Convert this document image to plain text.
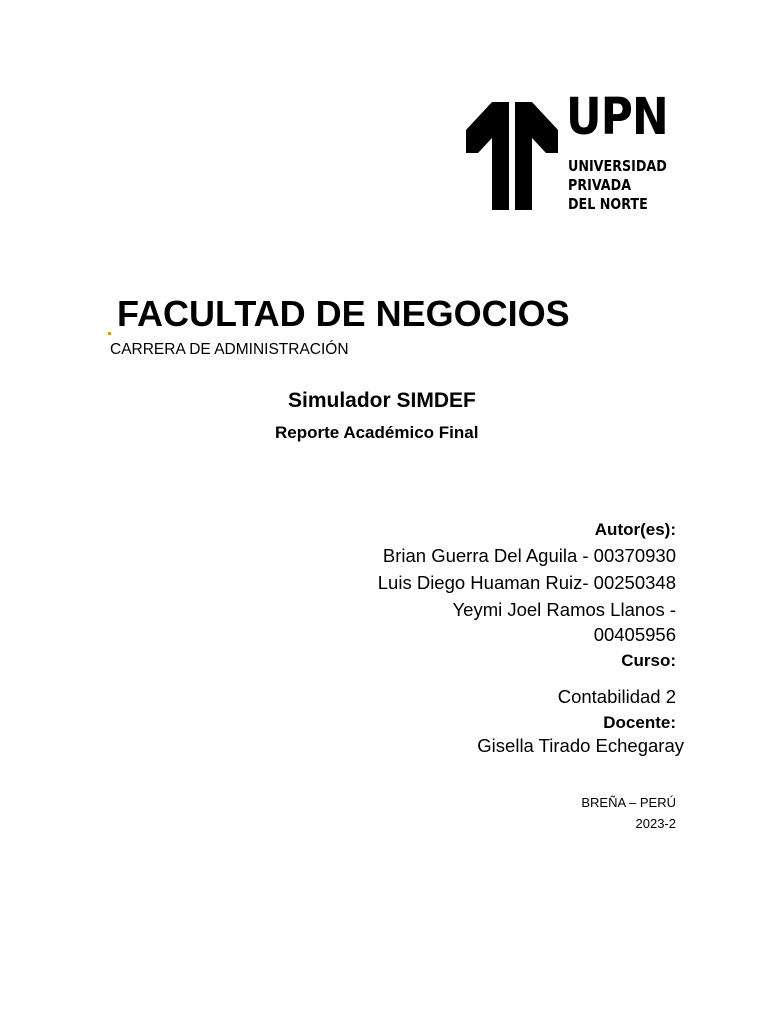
UPN
UNIVERSIDAD
PRIVADA
DEL NORTE
FACULTAD DE NEGOCIOS
CARRERA DE ADMINISTRACIÓN
Simulador SIMDEF
Reporte Académico Final
Autor(es):
Brian Guerra Del Aguila - 00370930
Luis Diego Huaman Ruiz- 00250348
Yeymi Joel Ramos Llanos -
00405956
Curso:
Contabilidad 2
Docente:
Gisella Tirado Echegaray
BREÑA – PERÚ
2023-2
